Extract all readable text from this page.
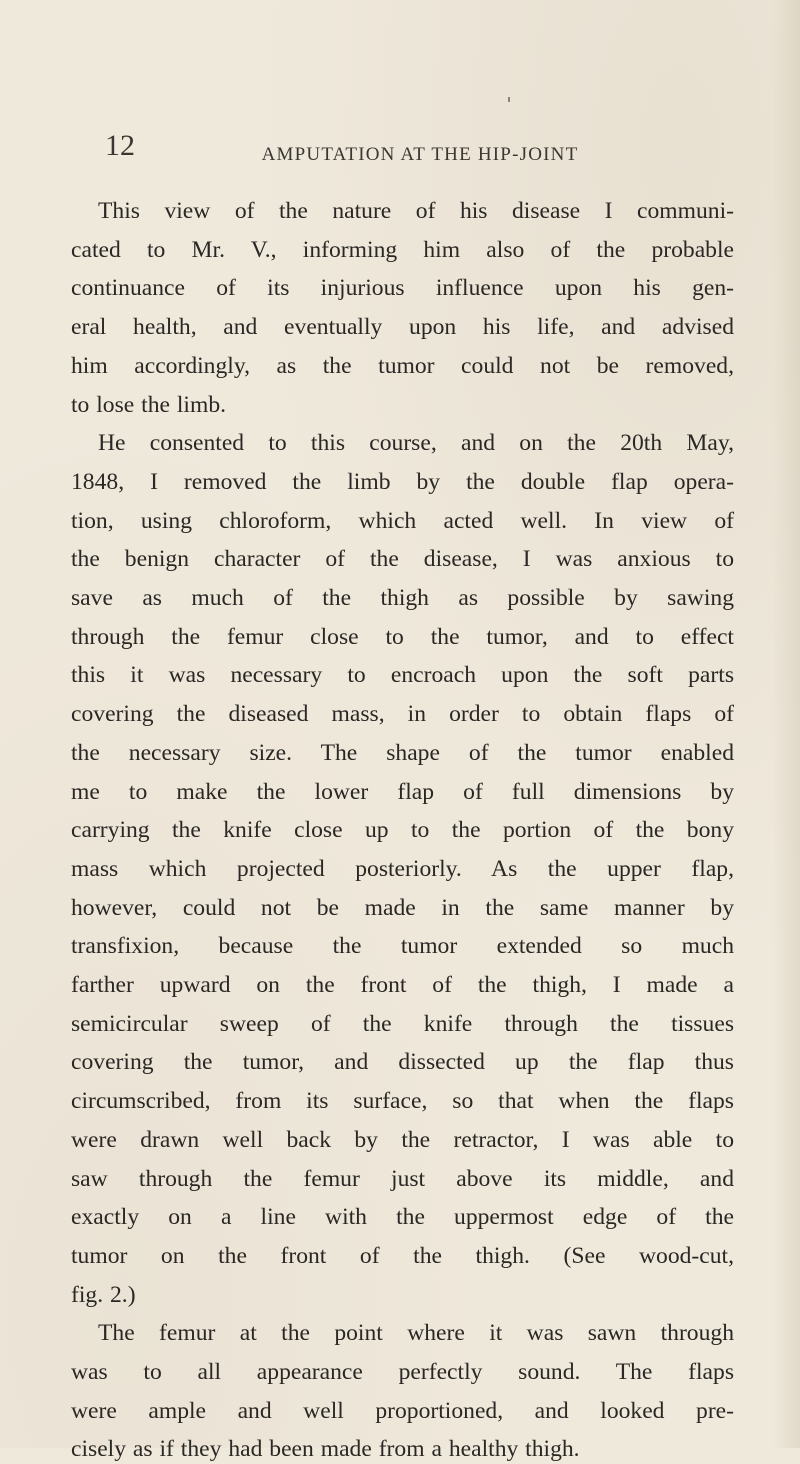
12	AMPUTATION AT THE HIP-JOINT
This view of the nature of his disease I communi-
cated to Mr. V., informing him also of the probable
continuance of its injurious influence upon his gen-
eral health, and eventually upon his life, and advised
him accordingly, as the tumor could not be removed,
to lose the limb.
He consented to this course, and on the 20th May,
1848, I removed the limb by the double flap opera-
tion, using chloroform, which acted well. In view of
the benign character of the disease, I was anxious to
save as much of the thigh as possible by sawing
through the femur close to the tumor, and to effect
this it was necessary to encroach upon the soft parts
covering the diseased mass, in order to obtain flaps of
the necessary size. The shape of the tumor enabled
me to make the lower flap of full dimensions by
carrying the knife close up to the portion of the bony
mass which projected posteriorly. As the upper flap,
however, could not be made in the same manner by
transfixion, because the tumor extended so much
farther upward on the front of the thigh, I made a
semicircular sweep of the knife through the tissues
covering the tumor, and dissected up the flap thus
circumscribed, from its surface, so that when the flaps
were drawn well back by the retractor, I was able to
saw through the femur just above its middle, and
exactly on a line with the uppermost edge of the
tumor on the front of the thigh. (See wood-cut,
fig. 2.)
The femur at the point where it was sawn through
was to all appearance perfectly sound. The flaps
were ample and well proportioned, and looked pre-
cisely as if they had been made from a healthy thigh.
